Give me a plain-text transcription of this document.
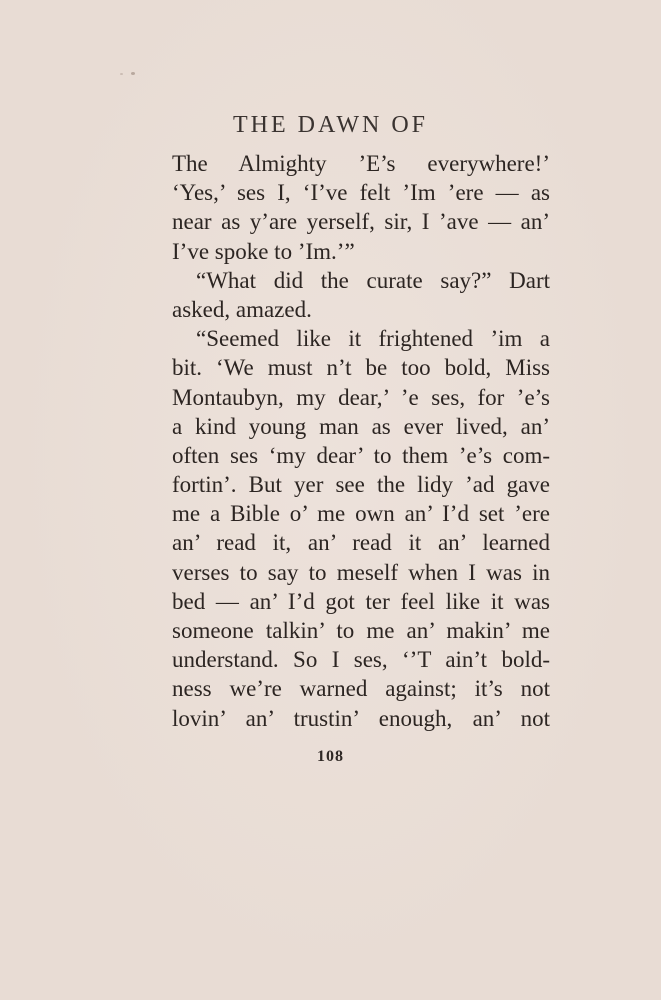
THE DAWN OF
The Almighty ’E’s everywhere!’
‘Yes,’ ses I, ‘I’ve felt ’Im ’ere — as
near as y’are yerself, sir, I ’ave — an’
I’ve spoke to ’Im.’”
“What did the curate say?” Dart
asked, amazed.
“Seemed like it frightened ’im a
bit. ‘We must n’t be too bold, Miss
Montaubyn, my dear,’ ’e ses, for ’e’s
a kind young man as ever lived, an’
often ses ‘my dear’ to them ’e’s com-
fortin’. But yer see the lidy ’ad gave
me a Bible o’ me own an’ I’d set ’ere
an’ read it, an’ read it an’ learned
verses to say to meself when I was in
bed — an’ I’d got ter feel like it was
someone talkin’ to me an’ makin’ me
understand. So I ses, ‘’T ain’t bold-
ness we’re warned against; it’s not
lovin’ an’ trustin’ enough, an’ not
108
